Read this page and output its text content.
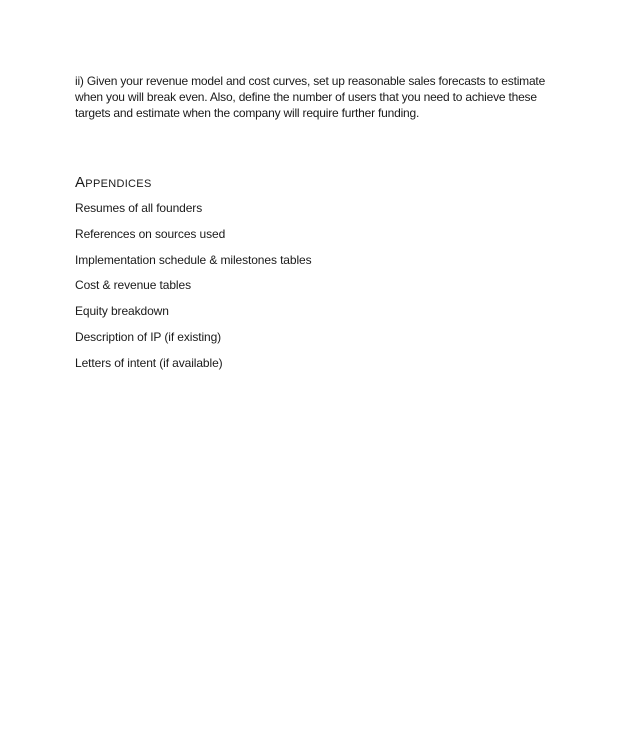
ii) Given your revenue model and cost curves, set up reasonable sales forecasts to estimate when you will break even. Also, define the number of users that you need to achieve these targets and estimate when the company will require further funding.

Appendices
Resumes of all founders
References on sources used
Implementation schedule & milestones tables
Cost & revenue tables
Equity breakdown
Description of IP (if existing)
Letters of intent (if available)
